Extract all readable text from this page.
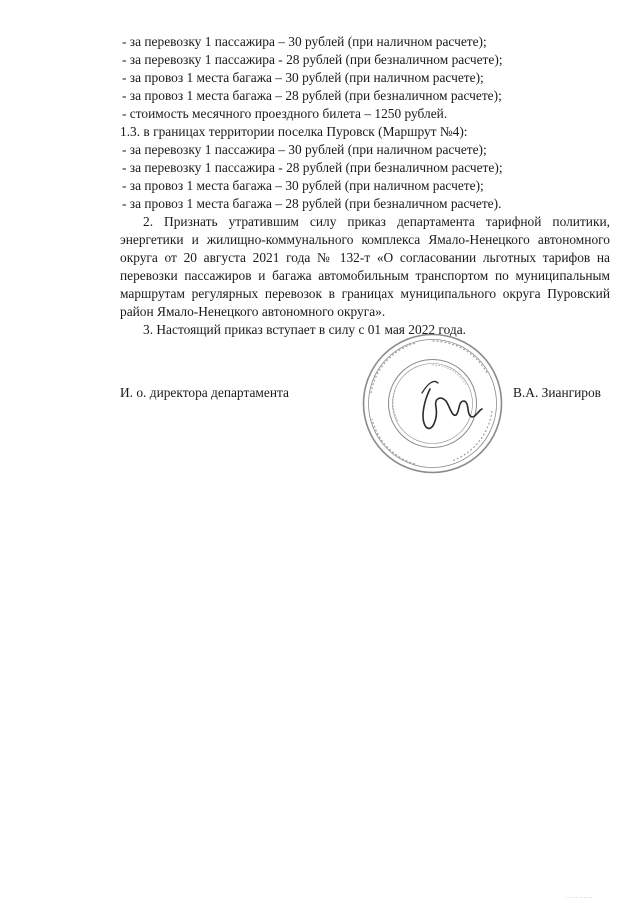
- за перевозку 1 пассажира – 30 рублей (при наличном расчете);
- за перевозку 1 пассажира - 28 рублей (при безналичном расчете);
- за провоз 1 места багажа – 30 рублей (при наличном расчете);
- за провоз 1 места багажа – 28 рублей (при безналичном расчете);
- стоимость месячного проездного билета – 1250 рублей.
1.3. в границах территории поселка Пуровск (Маршрут №4):
- за перевозку 1 пассажира – 30 рублей (при наличном расчете);
- за перевозку 1 пассажира - 28 рублей (при безналичном расчете);
- за провоз 1 места багажа – 30 рублей (при наличном расчете);
- за провоз 1 места багажа – 28 рублей (при безналичном расчете).
2. Признать утратившим силу приказ департамента тарифной политики,
энергетики и жилищно-коммунального комплекса Ямало-Ненецкого автономного
округа от 20 августа 2021 года № 132-т «О согласовании льготных тарифов на
перевозки пассажиров и багажа автомобильным транспортом по муниципальным
маршрутам регулярных перевозок в границах муниципального округа Пуровский
район Ямало-Ненецкого автономного округа».
3. Настоящий приказ вступает в силу с 01 мая 2022 года.
И. о. директора департамента	В.А. Зиангиров
...........
